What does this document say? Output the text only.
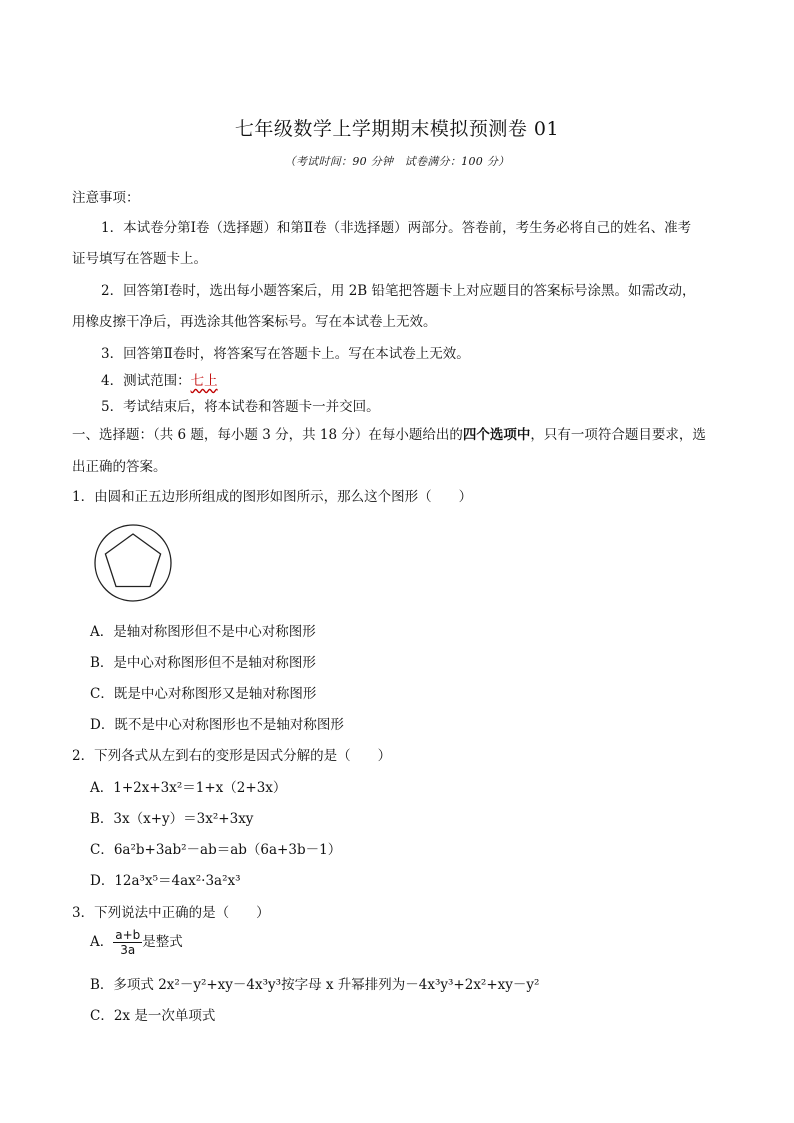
七年级数学上学期期末模拟预测卷 01
（考试时间：90 分钟　试卷满分：100 分）
注意事项：
1．本试卷分第Ⅰ卷（选择题）和第Ⅱ卷（非选择题）两部分。答卷前，考生务必将自己的姓名、准考
证号填写在答题卡上。
2．回答第Ⅰ卷时，选出每小题答案后，用 2B 铅笔把答题卡上对应题目的答案标号涂黑。如需改动，
用橡皮擦干净后，再选涂其他答案标号。写在本试卷上无效。
3．回答第Ⅱ卷时，将答案写在答题卡上。写在本试卷上无效。
4．测试范围：七上
5．考试结束后，将本试卷和答题卡一并交回。
一、选择题：（共 6 题，每小题 3 分，共 18 分）在每小题给出的四个选项中，只有一项符合题目要求，选
出正确的答案。
1．由圆和正五边形所组成的图形如图所示，那么这个图形（　　）
A．是轴对称图形但不是中心对称图形
B．是中心对称图形但不是轴对称图形
C．既是中心对称图形又是轴对称图形
D．既不是中心对称图形也不是轴对称图形
2．下列各式从左到右的变形是因式分解的是（　　）
A．1+2x+3x²＝1+x（2+3x）
B．3x（x+y）＝3x²+3xy
C．6a²b+3ab²－ab＝ab（6a+3b－1）
D．12a³x⁵＝4ax²·3a²x³
3．下列说法中正确的是（　　）
A． $\frac{a+b}{3a}$ 是整式
B．多项式 2x²－y²+xy－4x³y³按字母 x 升幂排列为－4x³y³+2x²+xy－y²
C．2x 是一次单项式
